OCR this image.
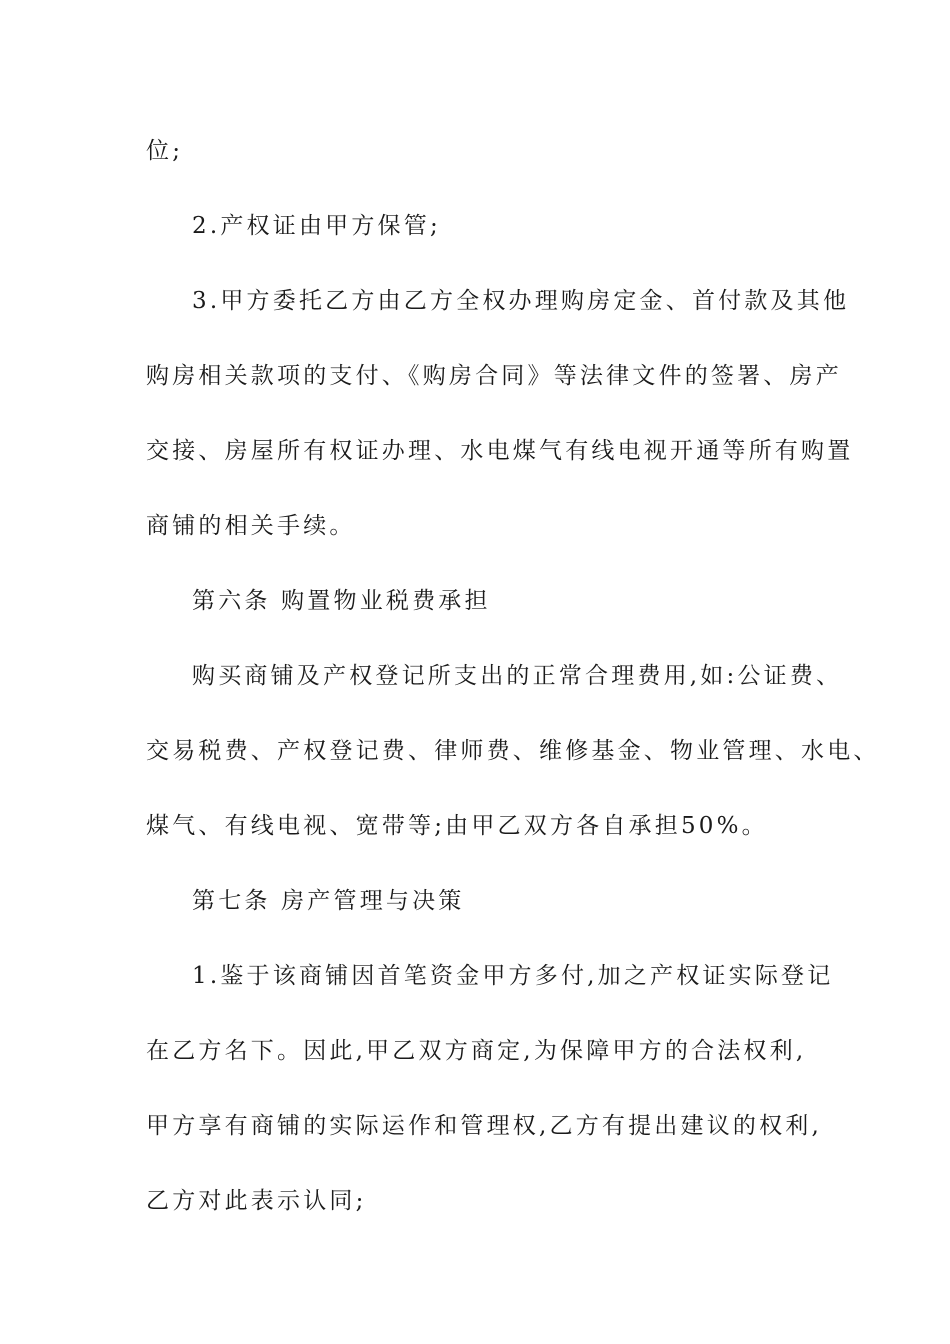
位;
2.产权证由甲方保管;
3.甲方委托乙方由乙方全权办理购房定金、首付款及其他
购房相关款项的支付、《购房合同》等法律文件的签署、房产
交接、房屋所有权证办理、水电煤气有线电视开通等所有购置
商铺的相关手续。
第六条 购置物业税费承担
购买商铺及产权登记所支出的正常合理费用,如:公证费、
交易税费、产权登记费、律师费、维修基金、物业管理、水电、
煤气、有线电视、宽带等;由甲乙双方各自承担50%。
第七条 房产管理与决策
1.鉴于该商铺因首笔资金甲方多付,加之产权证实际登记
在乙方名下。因此,甲乙双方商定,为保障甲方的合法权利,
甲方享有商铺的实际运作和管理权,乙方有提出建议的权利,
乙方对此表示认同;
